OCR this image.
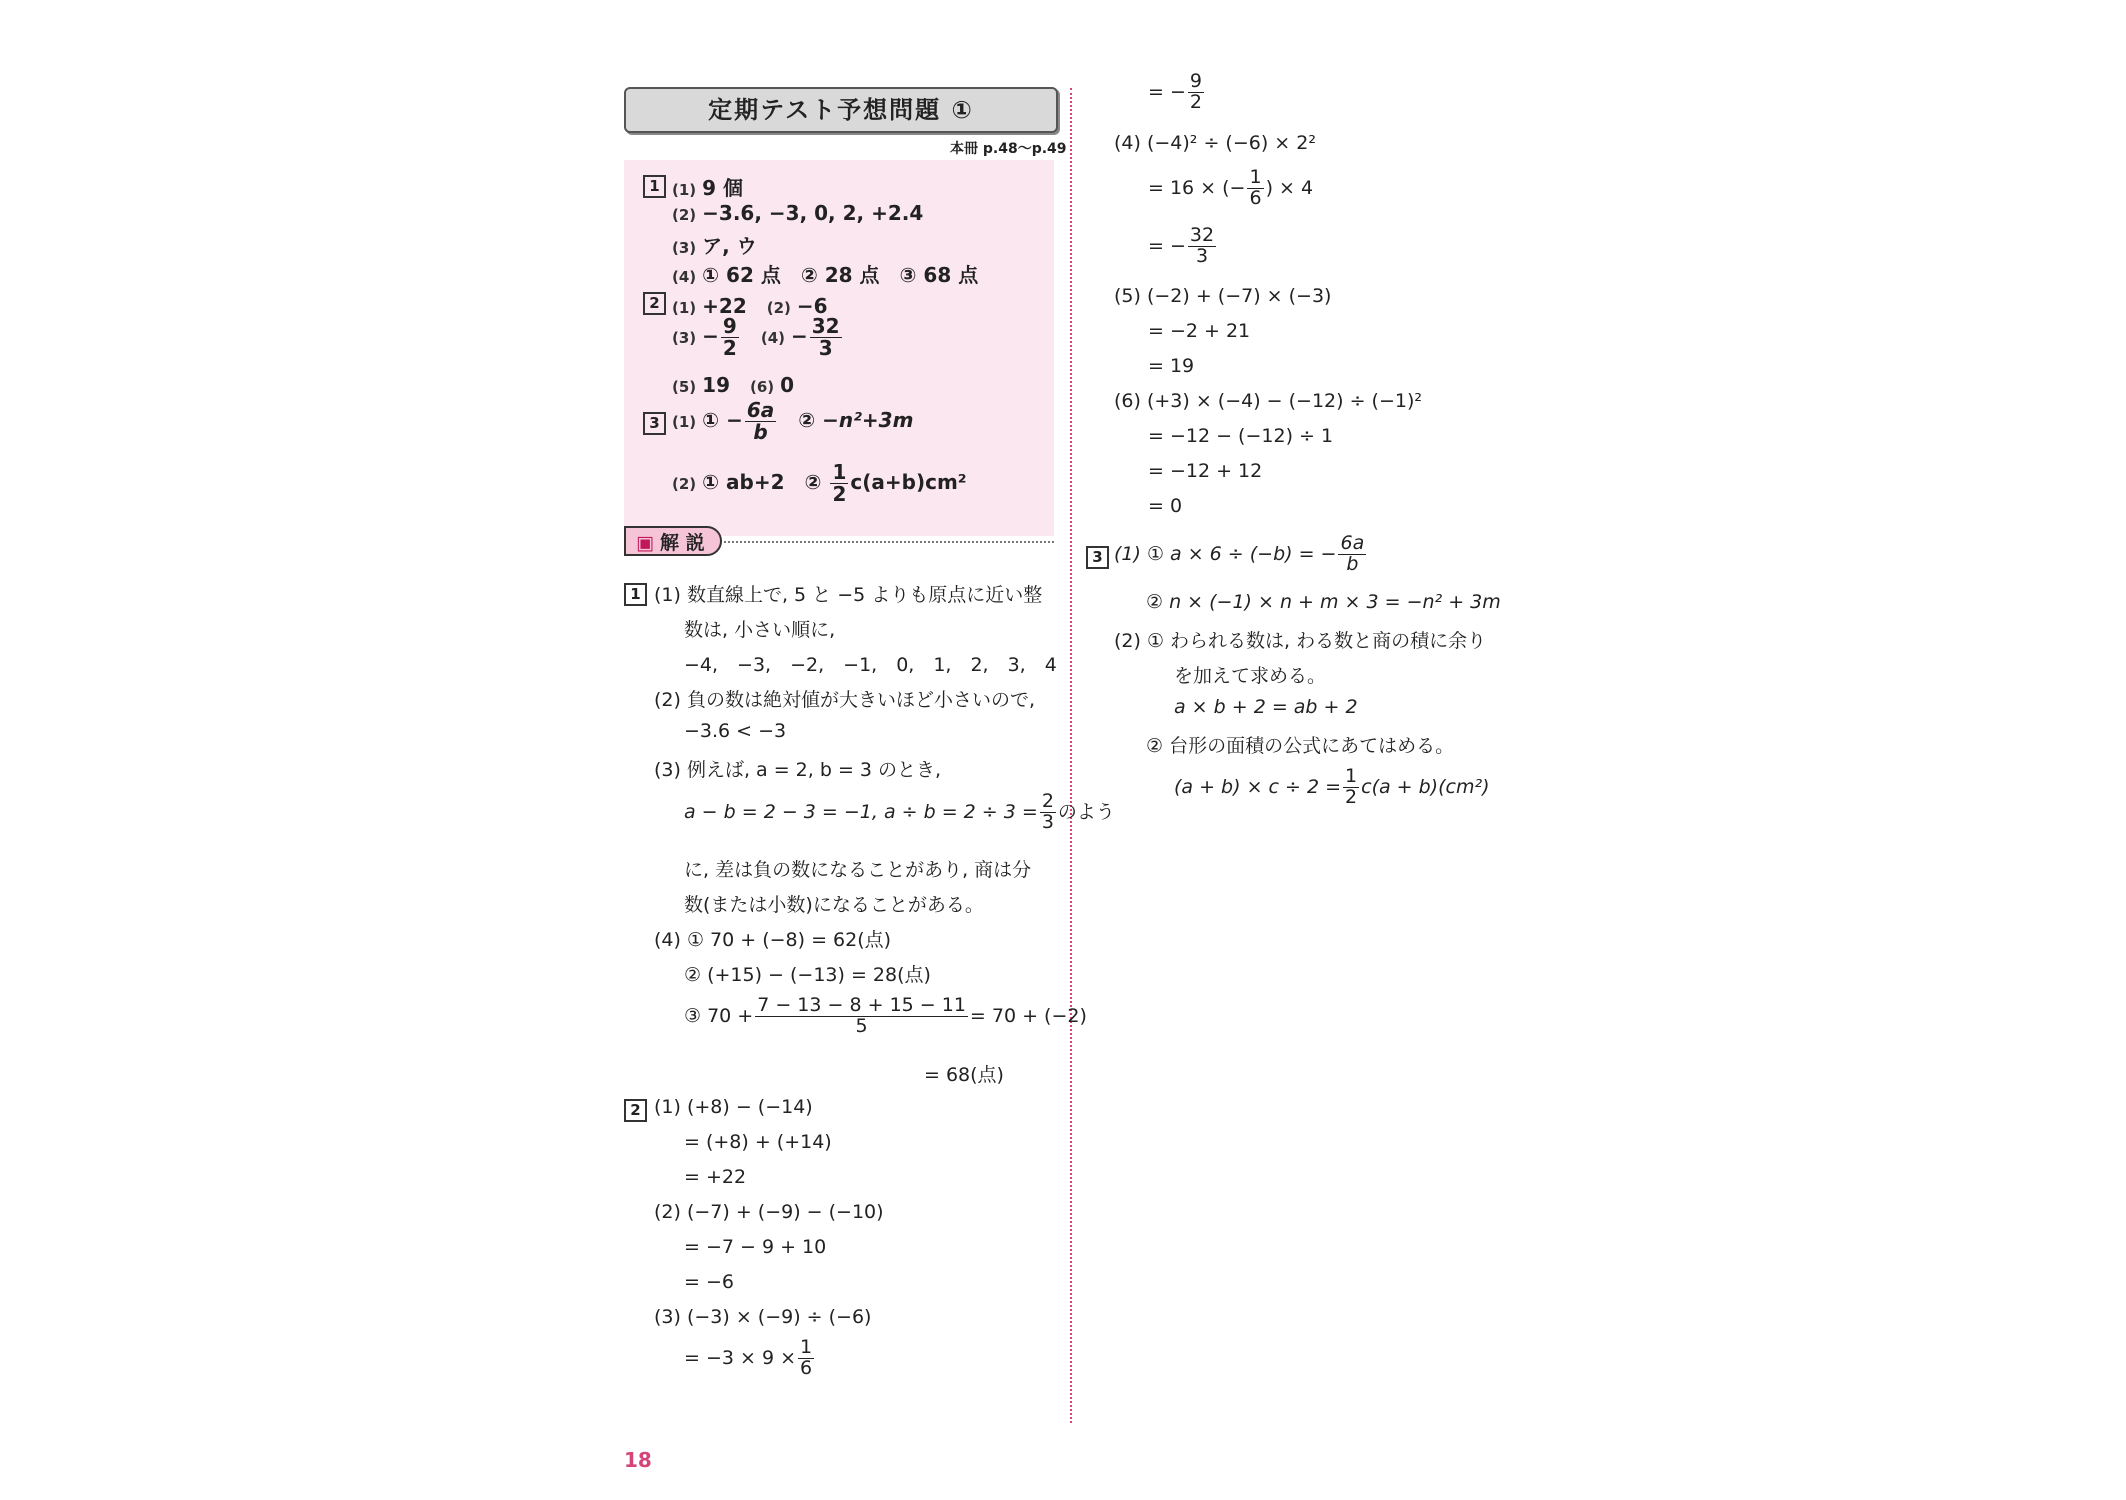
定期テスト予想問題 ①
本冊 p.48〜p.49
1 (1) 9 個
(2) −3.6, −3, 0, 2, +2.4
(3) ア, ウ
(4) ① 62 点　② 28 点　③ 68 点
2 (1) +22　 (2) −6
$(3) - \frac{9}{2}$
　 $(4) - \frac{32}{3}$
(5) 19　 (6) 0
3 (1) ① − $\frac{6a}{b}$
　 ② −n²+3m
(2) ① ab+2　 ② $\frac{1}{2} c(a+b)cm^2$
▣ 解 説
1 (1) 数直線上で, 5 と −5 よりも原点に近い整
数は, 小さい順に,
−4,　−3,　−2,　−1,　0,　1,　2,　3,　4
(2) 負の数は絶対値が大きいほど小さいので,
−3.6 < −3
(3) 例えば, a = 2, b = 3 のとき,
a − b = 2 − 3 = −1, $a \div b = 2 \div 3 = \frac{2}{3}$ のよう
に, 差は負の数になることがあり, 商は分
数(または小数)になることがある。
(4) ① 70 + (−8) = 62(点)
② (+15) − (−13) = 28(点)
③ $70 + \frac{7 - 13 - 8 + 15 - 11}{5} = 70 + (-2)$
= 68(点)
2 (1) (+8) − (−14)
= (+8) + (+14)
= +22
(2) (−7) + (−9) − (−10)
= −7 − 9 + 10
= −6
(3) (−3) × (−9) ÷ (−6)
= $-3 \times 9 \times \frac{1}{6}$
= − $\frac{9}{2}$
(4) (−4)² ÷ (−6) × 2²
= 16 × (− $\frac{1}{6}$ ) × 4
= − $\frac{32}{3}$
(5) (−2) + (−7) × (−3)
= −2 + 21
= 19
(6) (+3) × (−4) − (−12) ÷ (−1)²
= −12 − (−12) ÷ 1
= −12 + 12
= 0
3 (1) ① a × 6 ÷ (−b) = − $\frac{6a}{b}$
② n × (−1) × n + m × 3 = −n² + 3m
(2) ① わられる数は, わる数と商の積に余り
を加えて求める。
a × b + 2 = ab + 2
② 台形の面積の公式にあてはめる。
$(a + b) \times c \div 2 = \frac{1}{2} c(a + b)(cm^2)$
18
